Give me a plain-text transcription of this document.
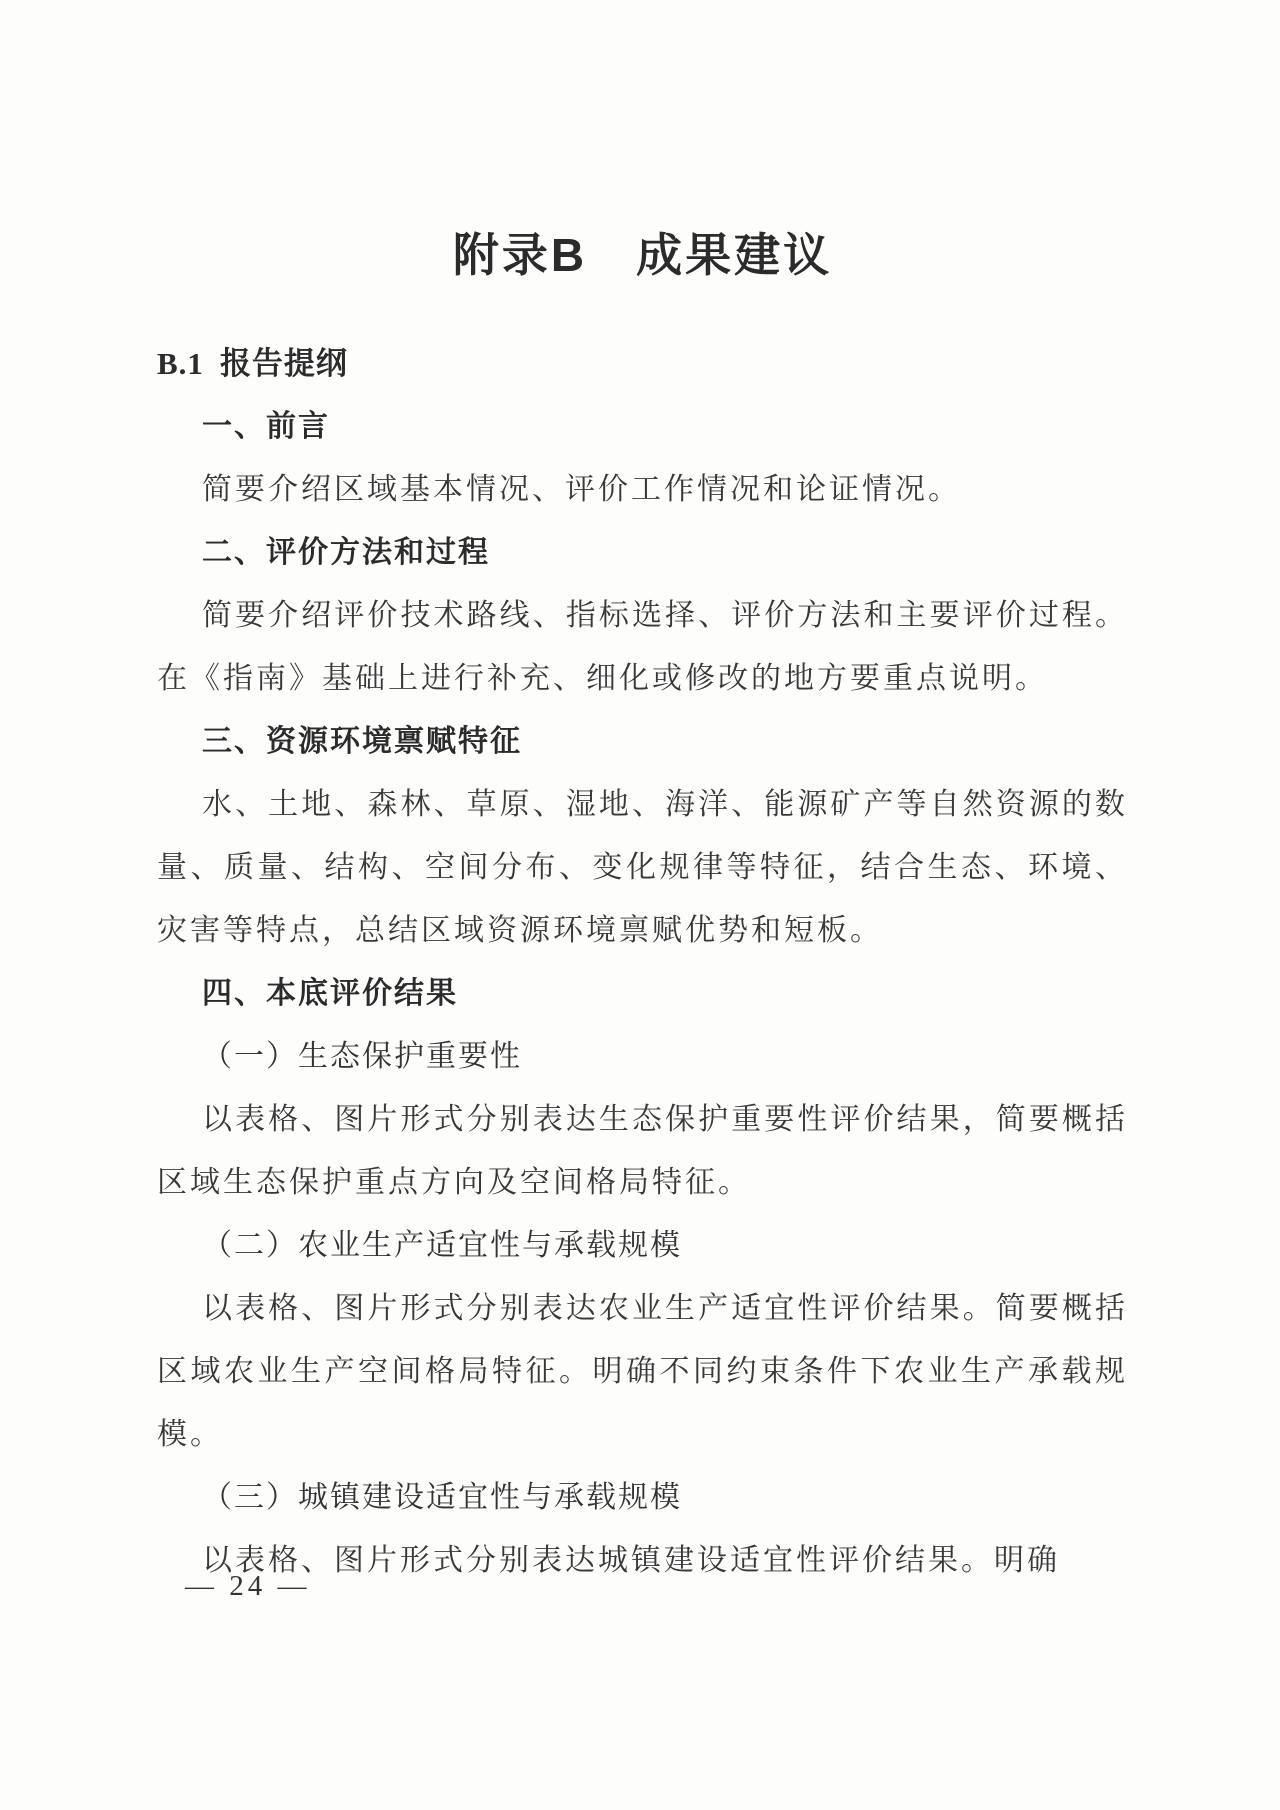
附录B　成果建议
B.1 报告提纲
一、前言

简要介绍区域基本情况、评价工作情况和论证情况。

二、评价方法和过程

简要介绍评价技术路线、指标选择、评价方法和主要评价过程。在《指南》基础上进行补充、细化或修改的地方要重点说明。

三、资源环境禀赋特征

水、土地、森林、草原、湿地、海洋、能源矿产等自然资源的数量、质量、结构、空间分布、变化规律等特征，结合生态、环境、灾害等特点，总结区域资源环境禀赋优势和短板。

四、本底评价结果
（一）生态保护重要性

以表格、图片形式分别表达生态保护重要性评价结果，简要概括区域生态保护重点方向及空间格局特征。

（二）农业生产适宜性与承载规模

以表格、图片形式分别表达农业生产适宜性评价结果。简要概括区域农业生产空间格局特征。明确不同约束条件下农业生产承载规模。

（三）城镇建设适宜性与承载规模

以表格、图片形式分别表达城镇建设适宜性评价结果。明确

— 24 —
